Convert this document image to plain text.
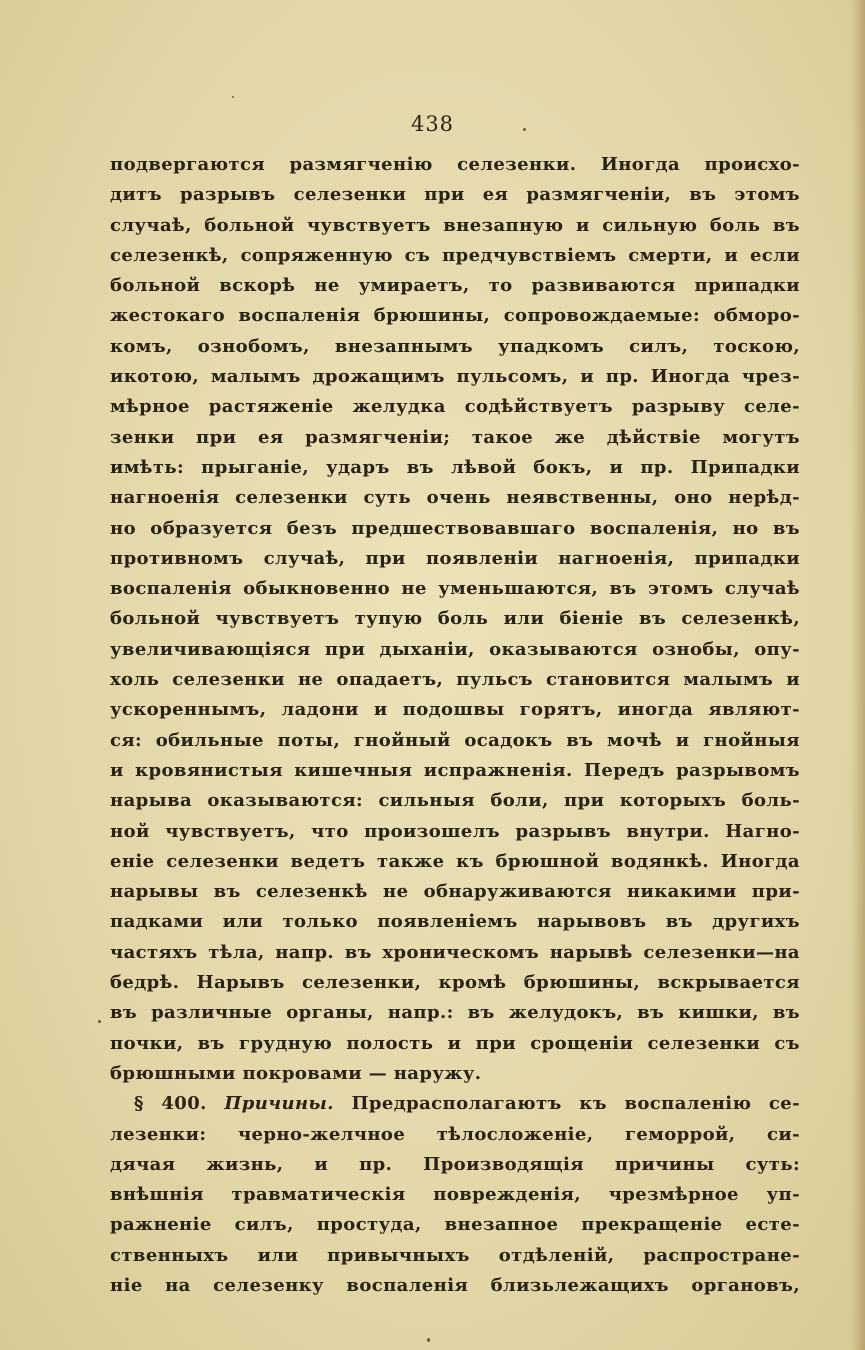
438
подвергаются размягченію селезенки. Иногда происхо-
дитъ разрывъ селезенки при ея размягченіи, въ этомъ
случаѣ, больной чувствуетъ внезапную и сильную боль въ
селезенкѣ, сопряженную съ предчувствіемъ смерти, и если
больной вскорѣ не умираетъ, то развиваются припадки
жестокаго воспаленія брюшины, сопровождаемые: обморо-
комъ, ознобомъ, внезапнымъ упадкомъ силъ, тоскою,
икотою, малымъ дрожащимъ пульсомъ, и пр. Иногда чрез-
мѣрное растяженіе желудка содѣйствуетъ разрыву селе-
зенки при ея размягченіи; такое же дѣйствіе могутъ
имѣть: прыганіе, ударъ въ лѣвой бокъ, и пр. Припадки
нагноенія селезенки суть очень неявственны, оно нерѣд-
но образуется безъ предшествовавшаго воспаленія, но въ
противномъ случаѣ, при появленіи нагноенія, припадки
воспаленія обыкновенно не уменьшаются, въ этомъ случаѣ
больной чувствуетъ тупую боль или біеніе въ селезенкѣ,
увеличивающіяся при дыханіи, оказываются ознобы, опу-
холь селезенки не опадаетъ, пульсъ становится малымъ и
ускореннымъ, ладони и подошвы горятъ, иногда являют-
ся: обильные поты, гнойный осадокъ въ мочѣ и гнойныя
и кровянистыя кишечныя испражненія. Передъ разрывомъ
нарыва оказываются: сильныя боли, при которыхъ боль-
ной чувствуетъ, что произошелъ разрывъ внутри. Нагно-
еніе селезенки ведетъ также къ брюшной водянкѣ. Иногда
нарывы въ селезенкѣ не обнаруживаются никакими при-
падками или только появленіемъ нарывовъ въ другихъ
частяхъ тѣла, напр. въ хроническомъ нарывѣ селезенки—на
бедрѣ. Нарывъ селезенки, кромѣ брюшины, вскрывается
въ различные органы, напр.: въ желудокъ, въ кишки, въ
почки, въ грудную полость и при срощеніи селезенки съ
брюшными покровами — наружу.
§ 400. Причины. Предрасполагаютъ къ воспаленію се-
лезенки: черно-желчное тѣлосложеніе, геморрой, си-
дячая жизнь, и пр. Производящія причины суть:
внѣшнія травматическія поврежденія, чрезмѣрное уп-
ражненіе силъ, простуда, внезапное прекращеніе есте-
ственныхъ или привычныхъ отдѣленій, распростране-
ніе на селезенку воспаленія близьлежащихъ органовъ,
